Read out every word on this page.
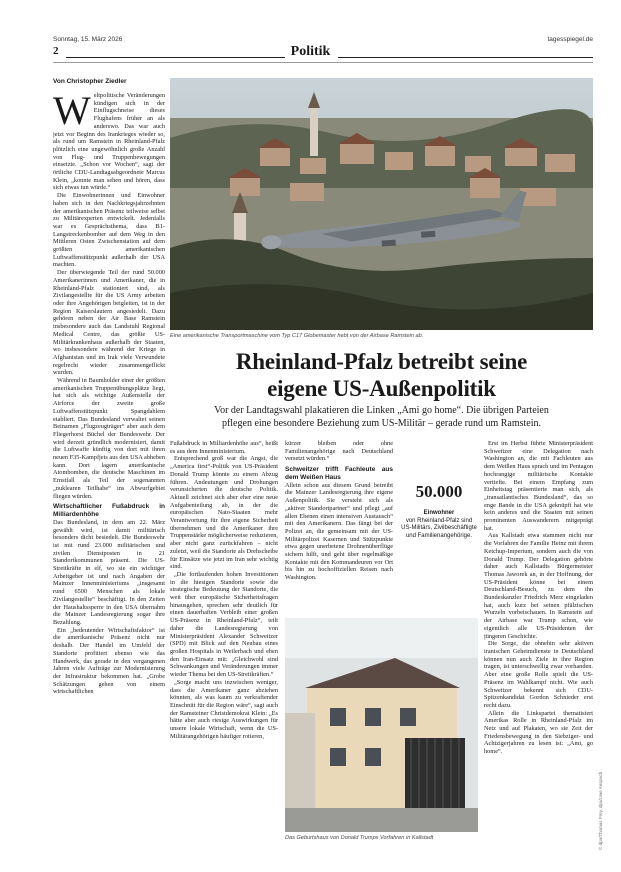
Sonntag, 15. März 2026	tagesspiegel.de
2	Politik
Von Christopher Ziedler
Eine amerikanische Transportmaschine vom Typ C17 Globemaster hebt von der Airbase Ramstein ab.
Rheinland-Pfalz betreibt seine
eigene US-Außenpolitik
Vor der Landtagswahl plakatieren die Linken „Ami go home“. Die übrigen Parteien
pflegen eine besondere Beziehung zum US-Militär – gerade rund um Ramstein.
W eltpolitische Veränderungen kündigen sich in der Einflugschneise dieses Flughafens früher an als anderswo. Das war auch jetzt vor Beginn des Irankrieges wieder so, als rund um Ramstein in Rheinland-Pfalz plötzlich eine ungewöhnlich große Anzahl von Flug- und Truppenbewegungen einsetzte. „Schon vor Wochen“, sagt der örtliche CDU-Landtagsabgeordnete Marcus Klein, „konnte man sehen und hören, dass sich etwas tun würde.“

Die Einwohnerinnen und Einwohner haben sich in den Nachkriegsjahrzehnten der amerikanischen Präsenz teilweise selbst zu Militärexperten entwickelt. Jedenfalls war es Gesprächsthema, dass B1-Langstreckenbomber auf dem Weg in den Mittleren Osten Zwischenstation auf dem größten amerikanischen Luftwaffenstützpunkt außerhalb der USA machten.

Der überwiegende Teil der rund 50.000 Amerikanerinnen und Amerikaner, die in Rheinland-Pfalz stationiert sind, als Zivilangestellte für die US Army arbeiten oder ihre Angehörigen beigleiten, ist in der Region Kaiserslautern angesiedelt. Dazu gehören neben der Air Base Ramstein insbesondere auch das Landstuhl Regional Medical Centre, das größte US-Militärkrankenhaus außerhalb der Staaten, wo insbesondere während der Kriege in Afghanistan und im Irak viele Verwundete regelrecht wieder zusammengeflickt wurden.

Während in Baumholder einer der größten amerikanischen Truppenübungsplätze liegt, hat sich als wichtige Außenstelle der Airforce der zweite große Luftwaffenstützpunkt Spangdahlem etabliert. Das Bundesland verwaltet seinen Beinamen „Flugzeugträger“ aber auch dem Fliegerhorst Büchel der Bundeswehr. Der wird derzeit gründlich modernisiert, damit die Luftwaffe künftig von dort mit ihren neuen F35-Kampfjets aus den USA abheben kann. Dort lagern amerikanische Atombomben, die deutsche Maschinen im Ernstfall als Teil der sogenannten „nuklearen Teilhabe“ ins Abwurfgebiet fliegen würden.

Wirtschaftlicher Fußabdruck in Milliardenhöhe

Das Bundesland, in dem am 22. März gewählt wird, ist damit militärisch besonders dicht besiedelt. Die Bundeswehr ist mit rund 23.000 militärischen und zivilen Dienstposten in 21 Standortkommunen präsent. Die US-Streitkräfte in elf, wo sie ein wichtiger Arbeitgeber ist und nach Angaben der Mainzer Innenministeriums „insgesamt rund 6500 Menschen als lokale Zivilangestellte“ beschäftigt. In den Zeiten der Haushaltssperre in den USA übernahm die Mainzer Landesregierung sogar ihre Bezahlung.

Ein „bedeutender Wirtschaftsfaktor“ ist die amerikanische Präsenz nicht nur deshalb. Der Handel im Umfeld der Standorte profitiert ebenso wie das Handwerk, das gerade in den vergangenen Jahren viele Aufträge zur Modernisierung der Infrastruktur bekommen hat. „Grobe Schätzungen gehen von einem wirtschaftlichen

Fußabdruck in Milliardenhöhe aus“, heißt es aus dem Innenministerium.

Entsprechend groß war die Angst, die „America first“-Politik von US-Präsident Donald Trump könnte zu einem Abzug führen. Andeutungen und Drohungen verunsicherten die deutsche Politik. Aktuell zeichnet sich aber eher eine neue Aufgabenteilung ab, in der die europäischen Nato-Staaten mehr Verantwortung für ihre eigene Sicherheit übernehmen und die Amerikaner ihre Truppenstärke möglicherweise reduzieren, aber nicht ganz zurückfahren – nicht zuletzt, weil die Standorte als Drehscheibe für Einsätze wie jetzt im Iran sehr wichtig sind.

„Die fortlaufenden hohen Investitionen in die hiesigen Standorte sowie die strategische Bedeutung der Standorte, die weit über europäische Sicherheitsfragen hinausgehen, sprechen sehr deutlich für einen dauerhaften Verbleib einer großen US-Präsenz in Rheinland-Pfalz“, teilt daher die Landesregierung von Ministerpräsident Alexander Schweitzer (SPD) mit Blick auf den Neubau eines großen Hospitals in Weilerbach und eben den Iran-Einsatz mit: „Gleichwohl sind Schwankungen und Veränderungen immer wieder Thema bei den US-Streitkräften.“

„Sorge macht uns inzwischen weniger, dass die Amerikaner ganz abziehen könnten, als was kaum zu verkraftender Einschnitt für die Region wäre“, sagt auch der Ramsteiner Christdemokrat Klein: „Es hätte aber auch riesige Auswirkungen für unsere lokale Wirtschaft, wenn die US-Militärangehörigen häufiger rotieren,

kürzer bleiben oder ohne Familienangehörige nach Deutschland versetzt würden.“

Schweitzer trifft Fachleute aus dem Weißen Haus

Allein schon aus diesem Grund betreibt die Mainzer Landesregierung ihre eigene Außenpolitik. Sie versteht sich als „aktiver Standortpartner“ und pflegt „auf allen Ebenen einen intensiven Austausch“ mit den Amerikanern. Das fängt bei der Polizei an, die gemeinsam mit der US-Militärpolizei Kasernen und Stützpunkte etwa gegen unerbetene Drohnenüberflüge sichern hilft, und geht über regelmäßige Kontakte mit den Kommandeuren vor Ort bis hin zu hochoffiziellen Reisen nach Washington.

50.000
Einwohner
von Rheinland-Pfalz sind US-Militärs, Zivilbeschäftigte und Familienangehörige.

Erst im Herbst führte Ministerpräsident Schweitzer eine Delegation nach Washington an, die mit Fachleuten aus dem Weißen Haus sprach und im Pentagon hochrangige militärische Kontakte vertiefte. Bei einem Empfang zum Einheitstag präsentierte man sich, als „transatlantisches Bundesland“, das so enge Bande in die USA geknüpft hat wie kein anderes und die Staaten mit seinen prominenten Auswanderern mitgeprägt hat.

Aus Kallstadt etwa stammen nicht nur die Vorfahren der Familie Heinz mit ihrem Ketchup-Imperium, sondern auch die von Donald Trump. Der Delegation gehörte daher auch Kallstadts Bürgermeister Thomas Jaworek an, in der Hoffnung, der US-Präsident könne bei einem Deutschland-Besuch, zu dem ihn Bundeskanzler Friedrich Merz eingeladen hat, auch kurz bei seinen pfälzischen Wurzeln vorbeischauen. In Ramstein auf der Airbase war Trump schon, wie eigentlich alle US-Präsidenten der jüngeren Geschichte.

Die Sorge, die ohnehin sehr aktiven iranischen Geheimdienste in Deutschland können nun auch Ziele in ihre Region tragen, ist unterschwellig zwar vorhanden. Aber eine große Rolle spielt die US-Präsenz im Wahlkampf nicht. Wie auch Schweitzer bekennt sich CDU-Spitzenkandidat Gordon Schnieder erst recht dazu.

Allein die Linkspartei thematisiert Amerikas Rolle in Rheinland-Pfalz im Netz und auf Plakaten, wo sie Zeit der Friedensbewegung in den Siebziger- und Achtzigerjahren zu lesen ist: „Ami, go home“.

Das Geburtshaus von Donald Trumps Vorfahren in Kallstadt	© dpa/Thomas Frey, dpa/Uwe Anspach
